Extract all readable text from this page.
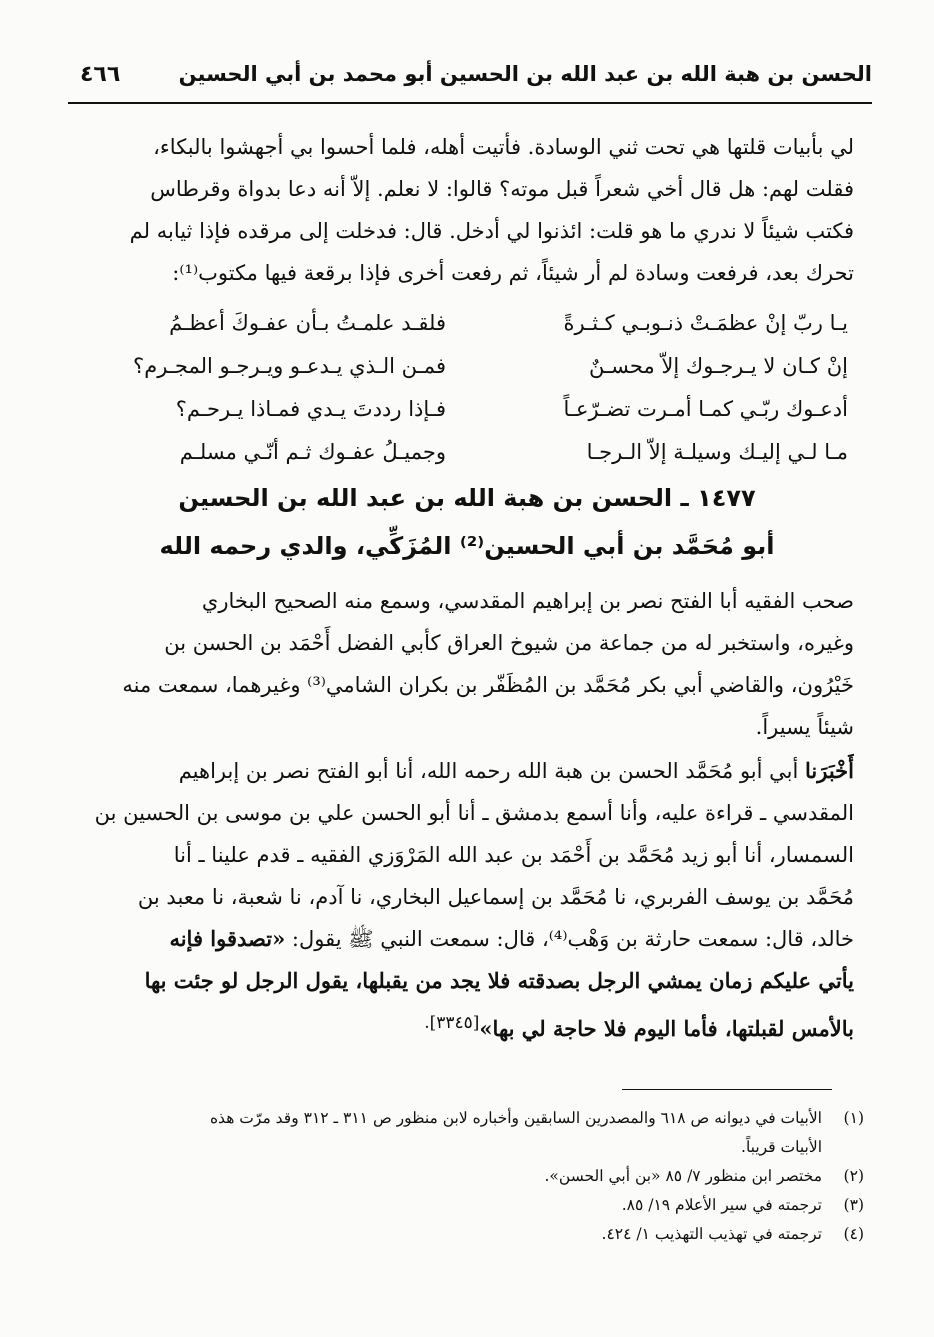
الحسن بن هبة الله بن عبد الله بن الحسين أبو محمد بن أبي الحسين
٤٦٦

لي بأبيات قلتها هي تحت ثني الوسادة. فأتيت أهله، فلما أحسوا بي أجهشوا بالبكاء،
فقلت لهم: هل قال أخي شعراً قبل موته؟ قالوا: لا نعلم. إلاّ أنه دعا بدواة وقرطاس
فكتب شيئاً لا ندري ما هو قلت: ائذنوا لي أدخل. قال: فدخلت إلى مرقده فإذا ثيابه لم
تحرك بعد، فرفعت وسادة لم أر شيئاً، ثم رفعت أخرى فإذا برقعة فيها مكتوب⁽¹⁾:

يـا ربّ إنْ عظمَـتْ ذنـوبـي كـثـرةً
فلقـد علمـتُ بـأن عفـوكَ أعظـمُ
إنْ كـان لا يـرجـوك إلاّ محسـنٌ
فمـن الـذي يـدعـو ويـرجـو المجـرم؟
أدعـوك ربّـي كمـا أمـرت تضـرّعـاً
فـإذا رددتَ يـدي فمـاذا يـرحـم؟
مـا لـي إليـك وسيلـة إلاّ الـرجـا
وجميـلُ عفـوك ثـم أنّـي مسلـم
١٤٧٧ ـ الحسن بن هبة الله بن عبد الله بن الحسين
أبو مُحَمَّد بن أبي الحسين⁽²⁾ المُزَكِّي، والدي رحمه الله

صحب الفقيه أبا الفتح نصر بن إبراهيم المقدسي، وسمع منه الصحيح البخاري
وغيره، واستخبر له من جماعة من شيوخ العراق كأبي الفضل أَحْمَد بن الحسن بن
خَيْرُون، والقاضي أبي بكر مُحَمَّد بن المُظَفّر بن بكران الشامي⁽³⁾ وغيرهما، سمعت منه
شيئاً يسيراً.

أَخْبَرَنا أبي أبو مُحَمَّد الحسن بن هبة الله رحمه الله، أنا أبو الفتح نصر بن إبراهيم
المقدسي ـ قراءة عليه، وأنا أسمع بدمشق ـ أنا أبو الحسن علي بن موسى بن الحسين بن
السمسار، أنا أبو زيد مُحَمَّد بن أَحْمَد بن عبد الله المَرْوَزي الفقيه ـ قدم علينا ـ أنا
مُحَمَّد بن يوسف الفربري، نا مُحَمَّد بن إسماعيل البخاري، نا آدم، نا شعبة، نا معبد بن
خالد، قال: سمعت حارثة بن وَهْب⁽⁴⁾، قال: سمعت النبي ﷺ يقول: «تصدقوا فإنه
يأتي عليكم زمان يمشي الرجل بصدقته فلا يجد من يقبلها، يقول الرجل لو جئت بها
بالأمس لقبلتها، فأما اليوم فلا حاجة لي بها»$^{[٣٣٤٥].}$

(١)الأبيات في ديوانه ص ٦١٨ والمصدرين السابقين وأخباره لابن منظور ص ٣١١ ـ ٣١٢ وقد مرّت هذه
الأبيات قريباً.
(٢)مختصر ابن منظور ٧/ ٨٥ «بن أبي الحسن».
(٣)ترجمته في سير الأعلام ١٩/ ٨٥.
(٤)ترجمته في تهذيب التهذيب ١/ ٤٢٤.
